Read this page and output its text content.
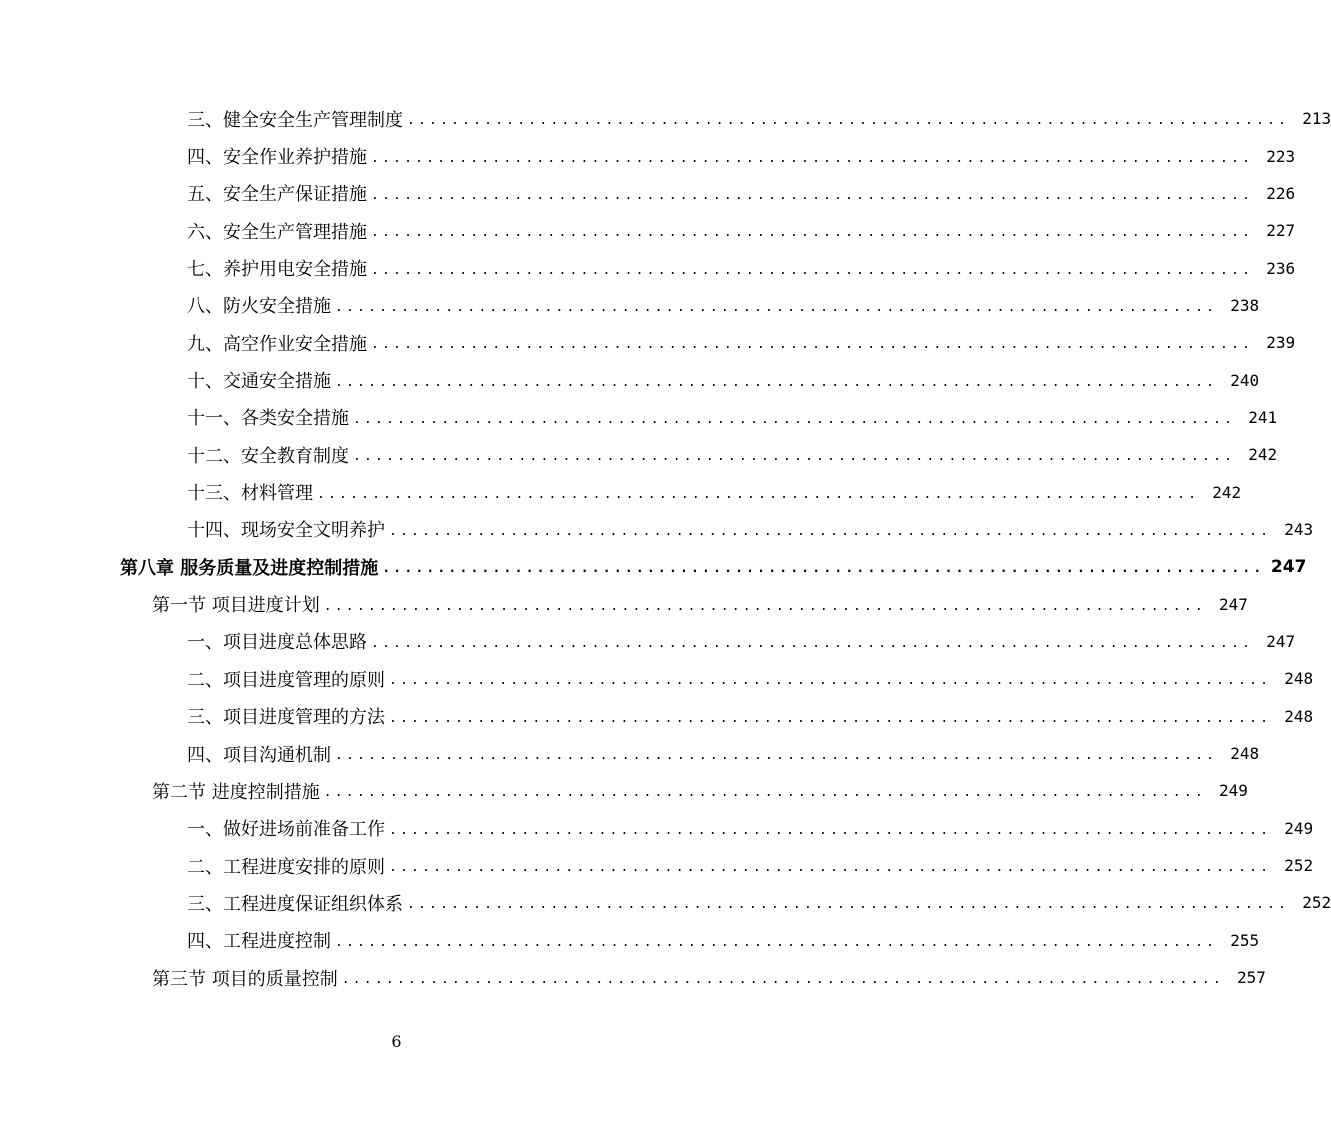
三、健全安全生产管理制度 ................................................................................ 213
四、安全作业养护措施 ................................................................................ 223
五、安全生产保证措施 ................................................................................ 226
六、安全生产管理措施 ................................................................................ 227
七、养护用电安全措施 ................................................................................ 236
八、防火安全措施 ................................................................................ 238
九、高空作业安全措施 ................................................................................ 239
十、交通安全措施 ................................................................................ 240
十一、各类安全措施 ................................................................................ 241
十二、安全教育制度 ................................................................................ 242
十三、材料管理 ................................................................................ 242
十四、现场安全文明养护 ................................................................................ 243
第八章 服务质量及进度控制措施 ................................................................................ 247
第一节 项目进度计划 ................................................................................ 247
一、项目进度总体思路 ................................................................................ 247
二、项目进度管理的原则 ................................................................................ 248
三、项目进度管理的方法 ................................................................................ 248
四、项目沟通机制 ................................................................................ 248
第二节 进度控制措施 ................................................................................ 249
一、做好进场前准备工作 ................................................................................ 249
二、工程进度安排的原则 ................................................................................ 252
三、工程进度保证组织体系 ................................................................................ 252
四、工程进度控制 ................................................................................ 255
第三节 项目的质量控制 ................................................................................ 257
6
